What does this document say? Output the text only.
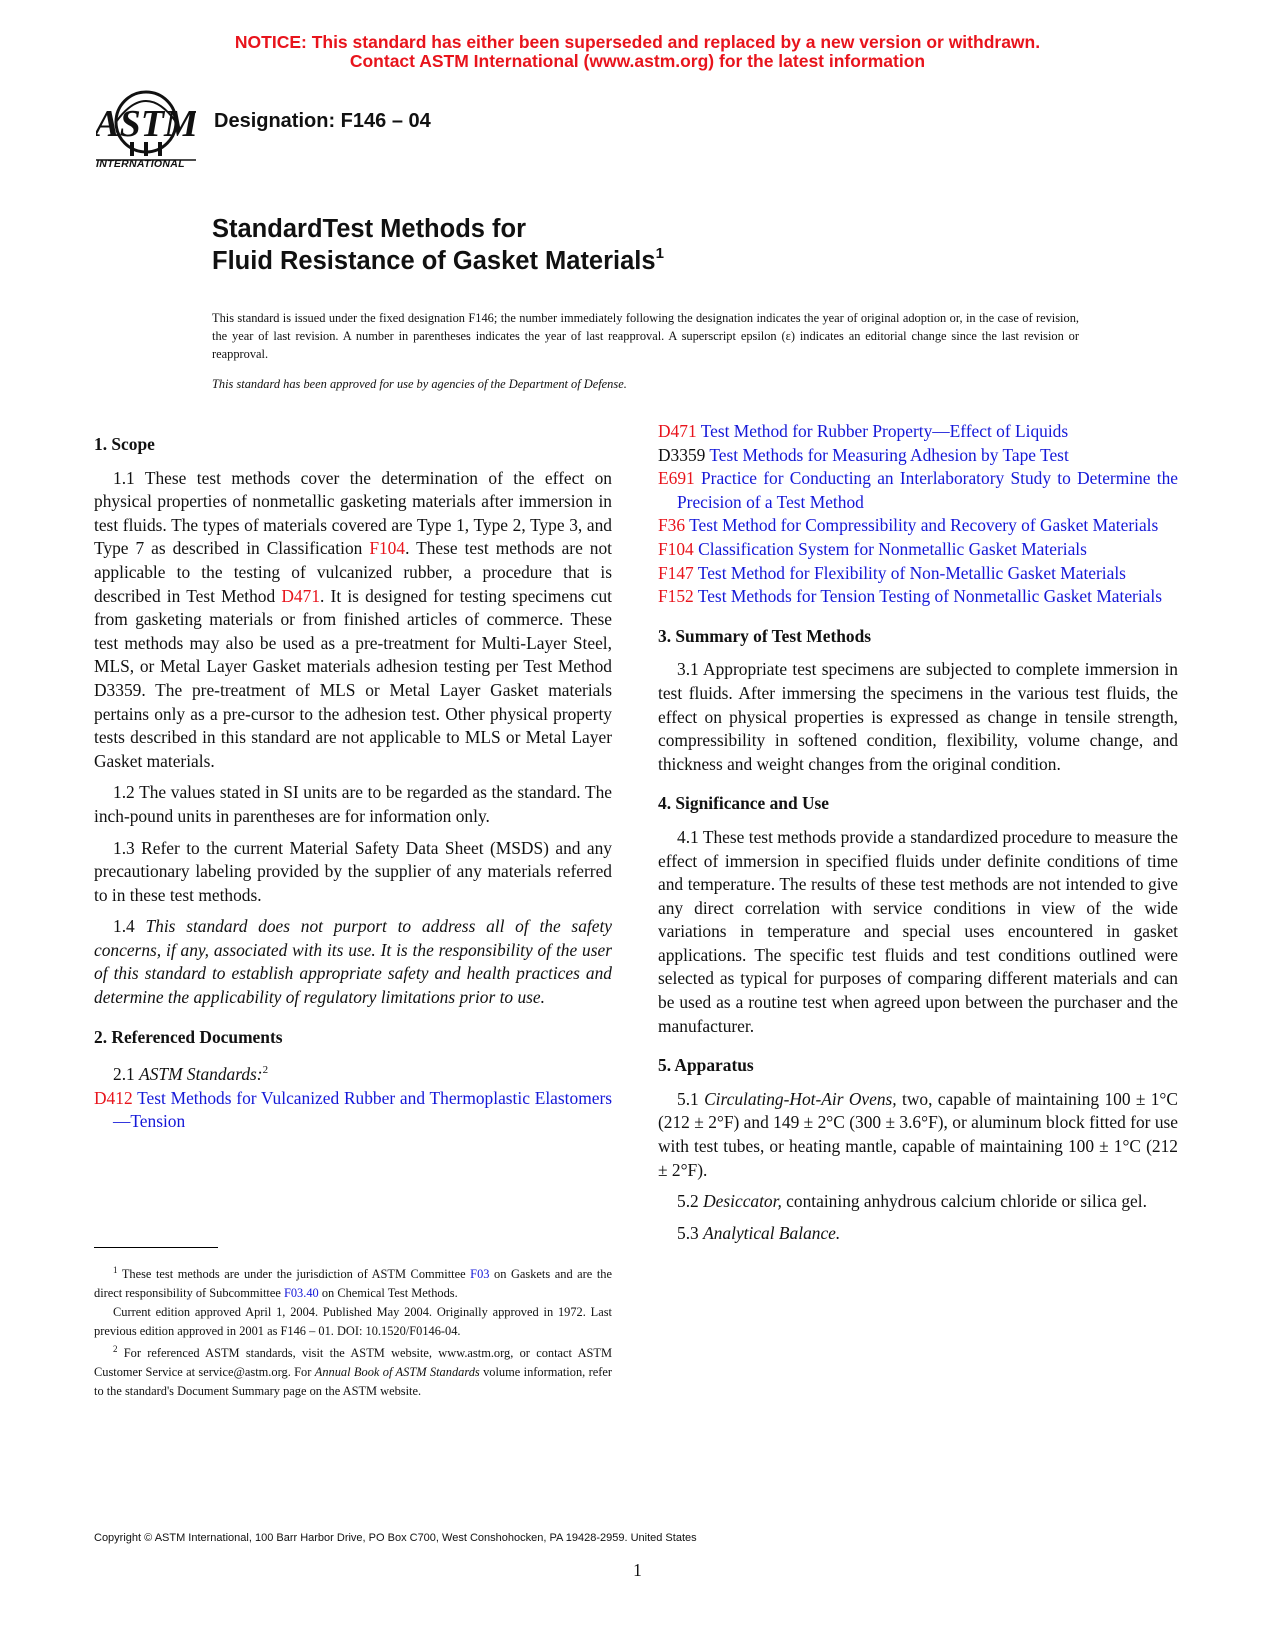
NOTICE: This standard has either been superseded and replaced by a new version or withdrawn.
Contact ASTM International (www.astm.org) for the latest information
ASTM
INTERNATIONAL
Designation: F146 – 04
StandardTest Methods for
Fluid Resistance of Gasket Materials$^1$
This standard is issued under the fixed designation F146; the number immediately following the designation indicates the year of original adoption or, in the case of revision, the year of last revision. A number in parentheses indicates the year of last reapproval. A superscript epsilon (ε) indicates an editorial change since the last revision or reapproval.
This standard has been approved for use by agencies of the Department of Defense.
1. Scope

1.1 These test methods cover the determination of the effect on physical properties of nonmetallic gasketing materials after immersion in test fluids. The types of materials covered are Type 1, Type 2, Type 3, and Type 7 as described in Classification F104. These test methods are not applicable to the testing of vulcanized rubber, a procedure that is described in Test Method D471. It is designed for testing specimens cut from gasketing materials or from finished articles of commerce. These test methods may also be used as a pre-treatment for Multi-Layer Steel, MLS, or Metal Layer Gasket materials adhesion testing per Test Method D3359. The pre-treatment of MLS or Metal Layer Gasket materials pertains only as a pre-cursor to the adhesion test. Other physical property tests described in this standard are not applicable to MLS or Metal Layer Gasket materials.

1.2 The values stated in SI units are to be regarded as the standard. The inch-pound units in parentheses are for information only.

1.3 Refer to the current Material Safety Data Sheet (MSDS) and any precautionary labeling provided by the supplier of any materials referred to in these test methods.

1.4 This standard does not purport to address all of the safety concerns, if any, associated with its use. It is the responsibility of the user of this standard to establish appropriate safety and health practices and determine the applicability of regulatory limitations prior to use.

2. Referenced Documents

2.1 ASTM Standards:$^2$

D412 Test Methods for Vulcanized Rubber and Thermoplastic Elastomers—Tension

D471 Test Method for Rubber Property—Effect of Liquids

D3359 Test Methods for Measuring Adhesion by Tape Test

E691 Practice for Conducting an Interlaboratory Study to Determine the Precision of a Test Method

F36 Test Method for Compressibility and Recovery of Gasket Materials

F104 Classification System for Nonmetallic Gasket Materials

F147 Test Method for Flexibility of Non-Metallic Gasket Materials

F152 Test Methods for Tension Testing of Nonmetallic Gasket Materials

3. Summary of Test Methods

3.1 Appropriate test specimens are subjected to complete immersion in test fluids. After immersing the specimens in the various test fluids, the effect on physical properties is expressed as change in tensile strength, compressibility in softened condition, flexibility, volume change, and thickness and weight changes from the original condition.

4. Significance and Use

4.1 These test methods provide a standardized procedure to measure the effect of immersion in specified fluids under definite conditions of time and temperature. The results of these test methods are not intended to give any direct correlation with service conditions in view of the wide variations in temperature and special uses encountered in gasket applications. The specific test fluids and test conditions outlined were selected as typical for purposes of comparing different materials and can be used as a routine test when agreed upon between the purchaser and the manufacturer.

5. Apparatus

5.1 Circulating-Hot-Air Ovens, two, capable of maintaining 100 ± 1°C (212 ± 2°F) and 149 ± 2°C (300 ± 3.6°F), or aluminum block fitted for use with test tubes, or heating mantle, capable of maintaining 100 ± 1°C (212 ± 2°F).

5.2 Desiccator, containing anhydrous calcium chloride or silica gel.

5.3 Analytical Balance.

$^1$ These test methods are under the jurisdiction of ASTM Committee F03 on Gaskets and are the direct responsibility of Subcommittee F03.40 on Chemical Test Methods.

Current edition approved April 1, 2004. Published May 2004. Originally approved in 1972. Last previous edition approved in 2001 as F146 – 01. DOI: 10.1520/F0146-04.

$^2$ For referenced ASTM standards, visit the ASTM website, www.astm.org, or contact ASTM Customer Service at service@astm.org. For Annual Book of ASTM Standards volume information, refer to the standard's Document Summary page on the ASTM website.

Copyright © ASTM International, 100 Barr Harbor Drive, PO Box C700, West Conshohocken, PA 19428-2959. United States
1
